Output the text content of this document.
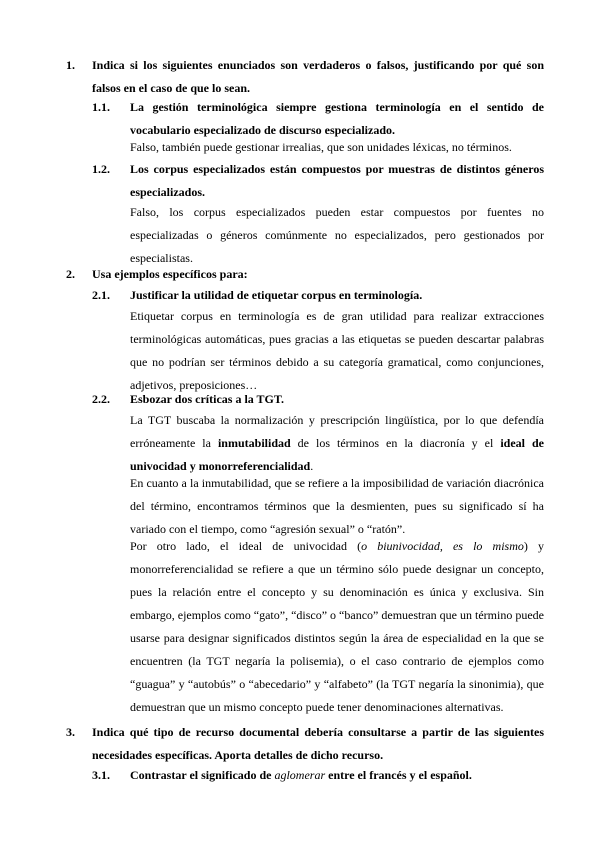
1. Indica si los siguientes enunciados son verdaderos o falsos, justificando por qué son falsos en el caso de que lo sean.
1.1. La gestión terminológica siempre gestiona terminología en el sentido de vocabulario especializado de discurso especializado.
Falso, también puede gestionar irrealias, que son unidades léxicas, no términos.
1.2. Los corpus especializados están compuestos por muestras de distintos géneros especializados.
Falso, los corpus especializados pueden estar compuestos por fuentes no especializadas o géneros comúnmente no especializados, pero gestionados por especialistas.
2. Usa ejemplos específicos para:
2.1. Justificar la utilidad de etiquetar corpus en terminología.
Etiquetar corpus en terminología es de gran utilidad para realizar extracciones terminológicas automáticas, pues gracias a las etiquetas se pueden descartar palabras que no podrían ser términos debido a su categoría gramatical, como conjunciones, adjetivos, preposiciones…
2.2. Esbozar dos críticas a la TGT.
La TGT buscaba la normalización y prescripción lingüística, por lo que defendía erróneamente la inmutabilidad de los términos en la diacronía y el ideal de univocidad y monorreferencialidad.
En cuanto a la inmutabilidad, que se refiere a la imposibilidad de variación diacrónica del término, encontramos términos que la desmienten, pues su significado sí ha variado con el tiempo, como “agresión sexual” o “ratón”.
Por otro lado, el ideal de univocidad (o biunivocidad, es lo mismo) y monorreferencialidad se refiere a que un término sólo puede designar un concepto, pues la relación entre el concepto y su denominación es única y exclusiva. Sin embargo, ejemplos como “gato”, “disco” o “banco” demuestran que un término puede usarse para designar significados distintos según la área de especialidad en la que se encuentren (la TGT negaría la polisemia), o el caso contrario de ejemplos como “guagua” y “autobús” o “abecedario” y “alfabeto” (la TGT negaría la sinonimia), que demuestran que un mismo concepto puede tener denominaciones alternativas.
3. Indica qué tipo de recurso documental debería consultarse a partir de las siguientes necesidades específicas. Aporta detalles de dicho recurso.
3.1. Contrastar el significado de aglomerar entre el francés y el español.
